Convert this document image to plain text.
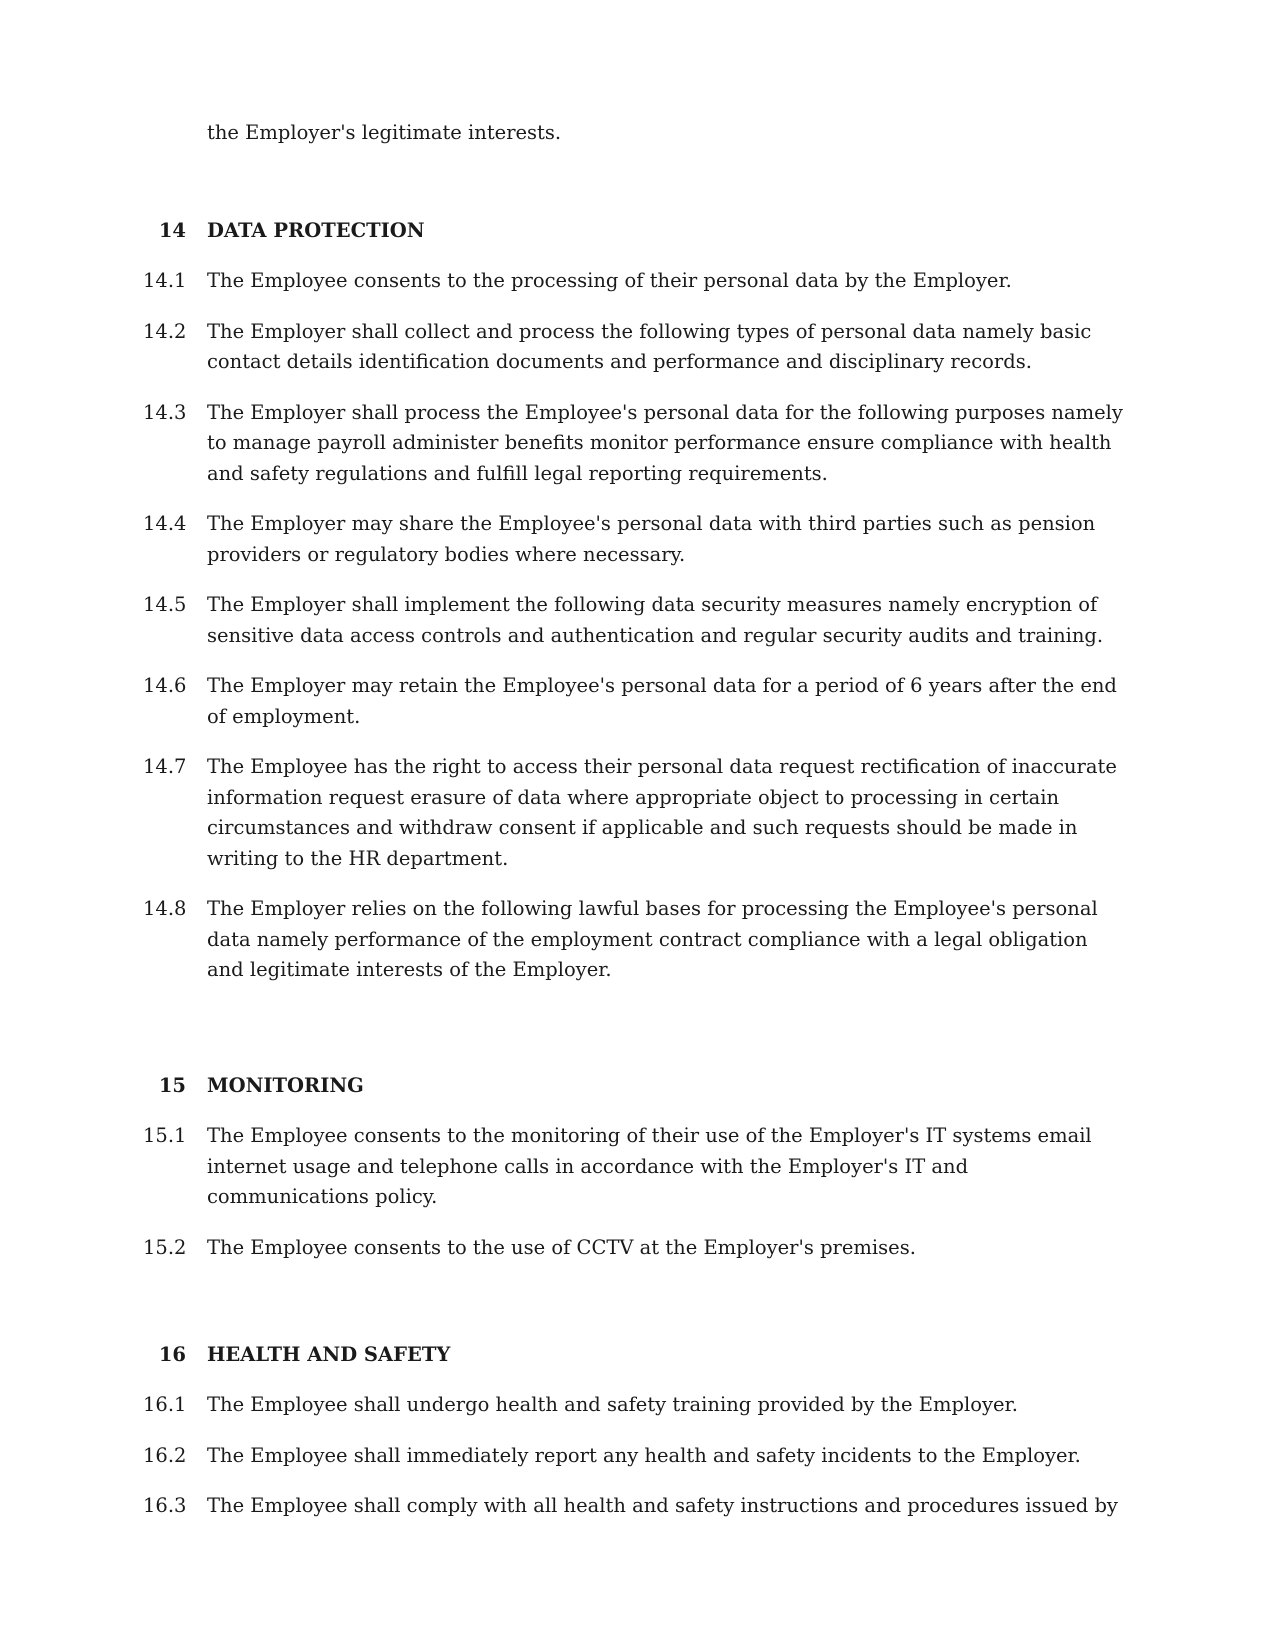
the Employer's legitimate interests.
14 DATA PROTECTION
14.1 The Employee consents to the processing of their personal data by the Employer.
14.2 The Employer shall collect and process the following types of personal data namely basic contact details identification documents and performance and disciplinary records.
14.3 The Employer shall process the Employee's personal data for the following purposes namely to manage payroll administer benefits monitor performance ensure compliance with health and safety regulations and fulfill legal reporting requirements.
14.4 The Employer may share the Employee's personal data with third parties such as pension providers or regulatory bodies where necessary.
14.5 The Employer shall implement the following data security measures namely encryption of sensitive data access controls and authentication and regular security audits and training.
14.6 The Employer may retain the Employee's personal data for a period of 6 years after the end of employment.
14.7 The Employee has the right to access their personal data request rectification of inaccurate information request erasure of data where appropriate object to processing in certain circumstances and withdraw consent if applicable and such requests should be made in writing to the HR department.
14.8 The Employer relies on the following lawful bases for processing the Employee's personal data namely performance of the employment contract compliance with a legal obligation and legitimate interests of the Employer.
15 MONITORING
15.1 The Employee consents to the monitoring of their use of the Employer's IT systems email internet usage and telephone calls in accordance with the Employer's IT and communications policy.
15.2 The Employee consents to the use of CCTV at the Employer's premises.
16 HEALTH AND SAFETY
16.1 The Employee shall undergo health and safety training provided by the Employer.
16.2 The Employee shall immediately report any health and safety incidents to the Employer.
16.3 The Employee shall comply with all health and safety instructions and procedures issued by
